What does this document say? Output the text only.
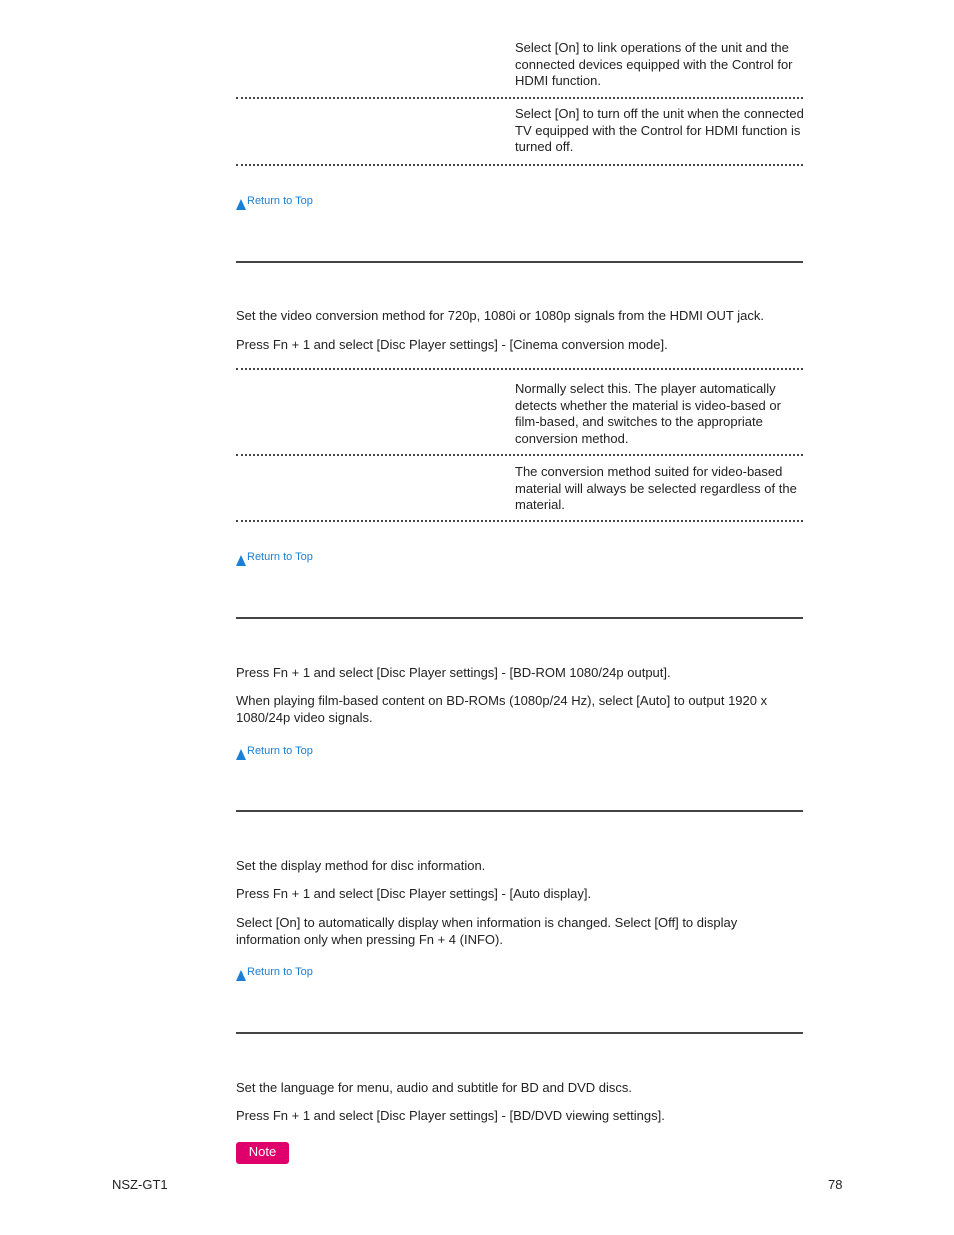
Select [On] to link operations of the unit and the connected devices equipped with the Control for HDMI function.
Select [On] to turn off the unit when the connected TV equipped with the Control for HDMI function is turned off.
Return to Top
Set the video conversion method for 720p, 1080i or 1080p signals from the HDMI OUT jack.
Press Fn + 1 and select [Disc Player settings] - [Cinema conversion mode].
Normally select this. The player automatically detects whether the material is video-based or film-based, and switches to the appropriate conversion method.
The conversion method suited for video-based material will always be selected regardless of the material.
Return to Top
Press Fn + 1 and select [Disc Player settings] - [BD-ROM 1080/24p output].
When playing film-based content on BD-ROMs (1080p/24 Hz), select [Auto] to output 1920 x 1080/24p video signals.
Return to Top
Set the display method for disc information.
Press Fn + 1 and select [Disc Player settings] - [Auto display].
Select [On] to automatically display when information is changed. Select [Off] to display information only when pressing Fn + 4 (INFO).
Return to Top
Set the language for menu, audio and subtitle for BD and DVD discs.
Press Fn + 1 and select [Disc Player settings] - [BD/DVD viewing settings].
Note
NSZ-GT1	78
